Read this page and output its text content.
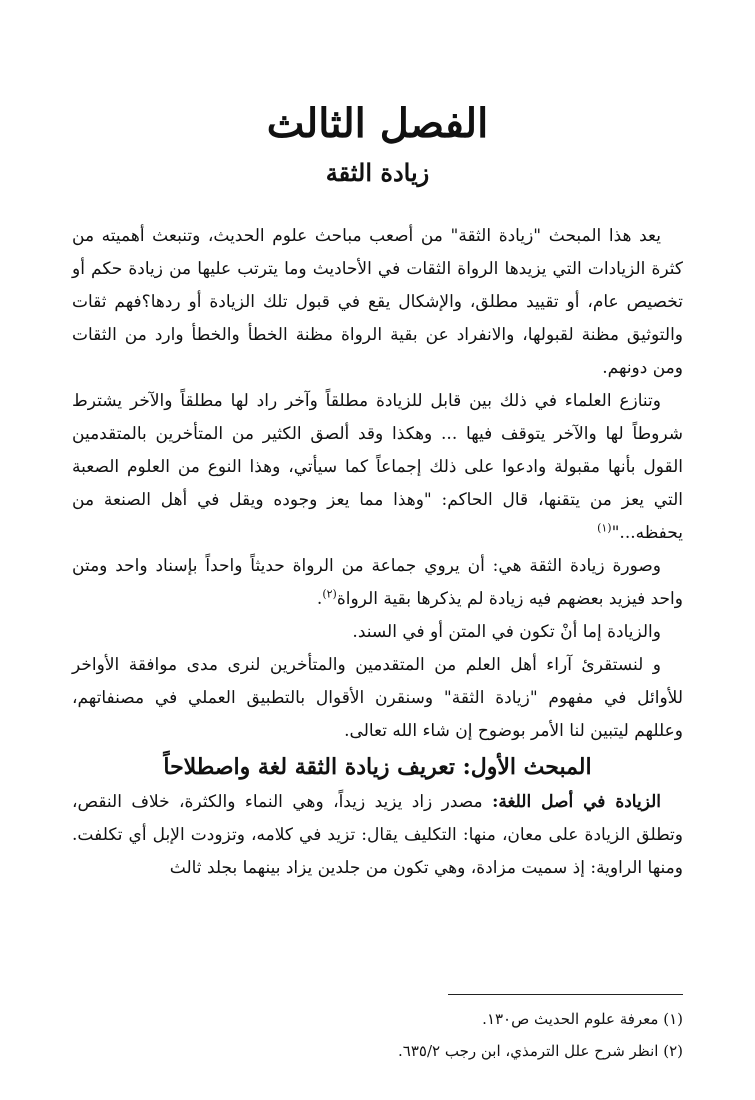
الفصل الثالث
زيادة الثقة

يعد هذا المبحث "زيادة الثقة" من أصعب مباحث علوم الحديث، وتنبعث أهميته من كثرة الزيادات التي يزيدها الرواة الثقات في الأحاديث وما يترتب عليها من زيادة حكم أو تخصيص عام، أو تقييد مطلق، والإشكال يقع في قبول تلك الزيادة أو ردها؟فهم ثقات والتوثيق مظنة لقبولها، والانفراد عن بقية الرواة مظنة الخطأ والخطأ وارد من الثقات ومن دونهم.

وتنازع العلماء في ذلك بين قابل للزيادة مطلقاً وآخر راد لها مطلقاً والآخر يشترط شروطاً لها والآخر يتوقف فيها ... وهكذا وقد ألصق الكثير من المتأخرين بالمتقدمين القول بأنها مقبولة وادعوا على ذلك إجماعاً كما سيأتي، وهذا النوع من العلوم الصعبة التي يعز من يتقنها، قال الحاكم: "وهذا مما يعز وجوده ويقل في أهل الصنعة من يحفظه..."$^{(١)}$

وصورة زيادة الثقة هي: أن يروي جماعة من الرواة حديثاً واحداً بإسناد واحد ومتن واحد فيزيد بعضهم فيه زيادة لم يذكرها بقية الرواة$^{(٢)}$.

والزيادة إما أنْ تكون في المتن أو في السند.

و لنستقرئ آراء أهل العلم من المتقدمين والمتأخرين لنرى مدى موافقة الأواخر للأوائل في مفهوم "زيادة الثقة" وسنقرن الأقوال بالتطبيق العملي في مصنفاتهم، وعللهم ليتبين لنا الأمر بوضوح إن شاء الله تعالى.

المبحث الأول: تعريف زيادة الثقة لغة واصطلاحاً

الزيادة في أصل اللغة: مصدر زاد يزيد زيداً، وهي النماء والكثرة، خلاف النقص، وتطلق الزيادة على معان، منها: التكليف يقال: تزيد في كلامه، وتزودت الإبل أي تكلفت. ومنها الراوية: إذ سميت مزادة، وهي تكون من جلدين يزاد بينهما بجلد ثالث

(١) معرفة علوم الحديث ص١٣٠.

(٢) انظر شرح علل الترمذي، ابن رجب ٦٣٥/٢.
